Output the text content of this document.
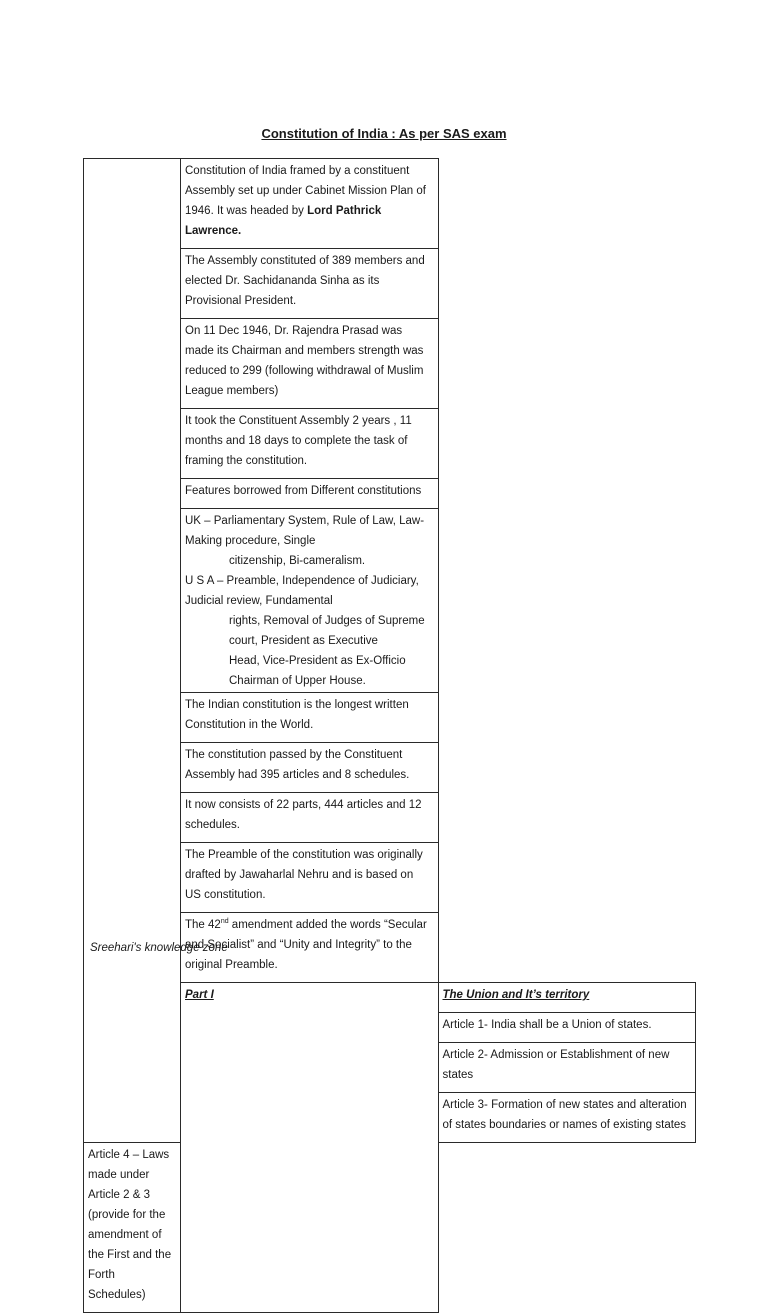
Constitution of India : As per SAS exam
	Constitution of India framed by a constituent Assembly set up under Cabinet Mission Plan of 1946. It was headed by Lord Pathrick Lawrence.	
	The Assembly constituted of 389 members and elected Dr. Sachidananda Sinha as its Provisional President.	
	On 11 Dec 1946, Dr. Rajendra Prasad was made its Chairman and members strength was reduced to 299 (following withdrawal of Muslim League members)	
	It took the Constituent Assembly 2 years , 11 months and 18 days to complete the task of framing the constitution.	
	Features borrowed from Different constitutions	

	UK – Parliamentary System, Rule of Law, Law-Making procedure, Single
citizenship, Bi-cameralism.
U S A – Preamble, Independence of Judiciary, Judicial review, Fundamental
rights, Removal of Judges of Supreme court, President as Executive
Head, Vice-President as Ex-Officio Chairman of Upper House.	

	The Indian constitution is the longest written Constitution in the World.	
	The constitution passed by the Constituent Assembly had 395 articles and 8 schedules.	
	It now consists of 22 parts, 444 articles and 12 schedules.	
	The Preamble of the constitution was originally drafted by Jawaharlal Nehru and is based on US constitution.	
	The 42nd amendment added the words “Secular and Socialist” and “Unity and Integrity” to the original Preamble.	
	Part I	The Union and It’s territory
		Article 1- India shall be a Union of states.
		Article 2- Admission or Establishment of new states
		Article 3- Formation of new states and alteration of states boundaries or names of existing states
Article 4 – Laws made under Article 2 & 3 (provide for the amendment of the First and the Forth Schedules)		
Sreehari's knowledge zone
